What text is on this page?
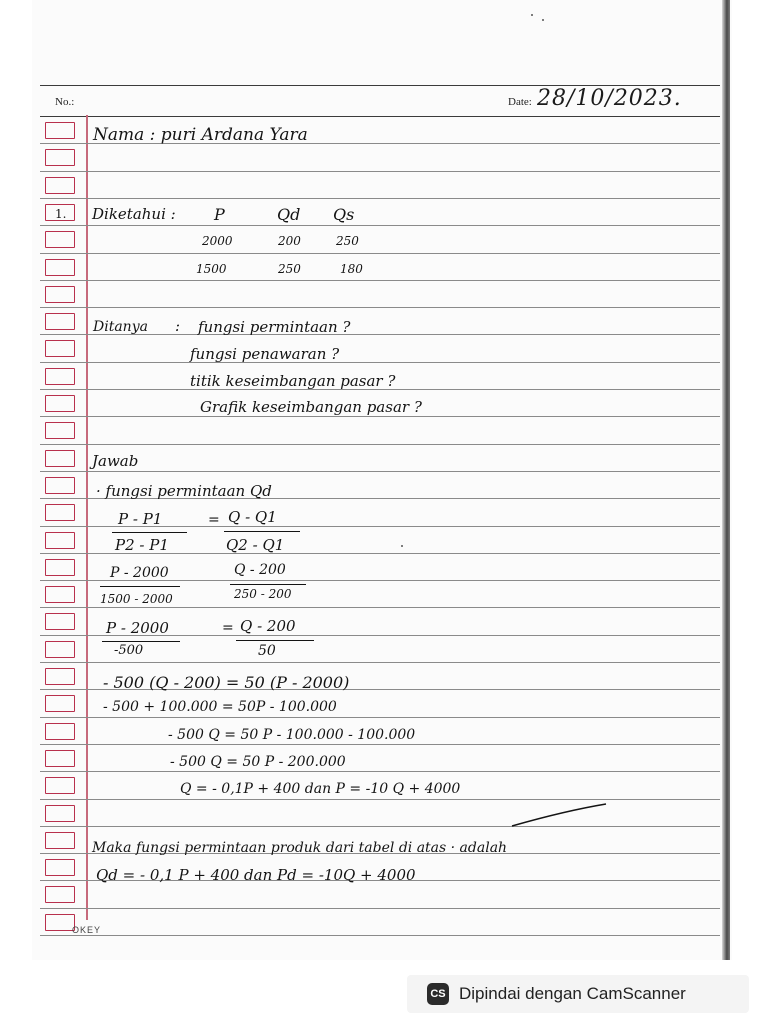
No.:	Date: 28/10/2023.
Nama : puri Ardana Yara
1. Diketahui : P	Qd Qs
2000	200	250
1500	250	180
Ditanya : fungsi permintaan ?
fungsi penawaran ?
titik keseimbangan pasar ?
Grafik keseimbangan pasar ?
Jawab
· fungsi permintaan Qd
P - P1
P2 - P1
= Q - Q1
Q2 - Q1
P - 2000
1500 - 2000
Q - 200
250 - 200
P - 2000
-500
= Q - 200
50
- 500 (Q - 200) = 50 (P - 2000)
- 500 + 100.000 = 50P - 100.000
- 500 Q = 50 P - 100.000 - 100.000
- 500 Q = 50 P - 200.000
Q = - 0,1P + 400 dan P = -10 Q + 4000
Maka fungsi permintaan produk dari tabel di atas · adalah
Qd = - 0,1 P + 400 dan Pd = -10Q + 4000
OKEY
CS Dipindai dengan CamScanner
